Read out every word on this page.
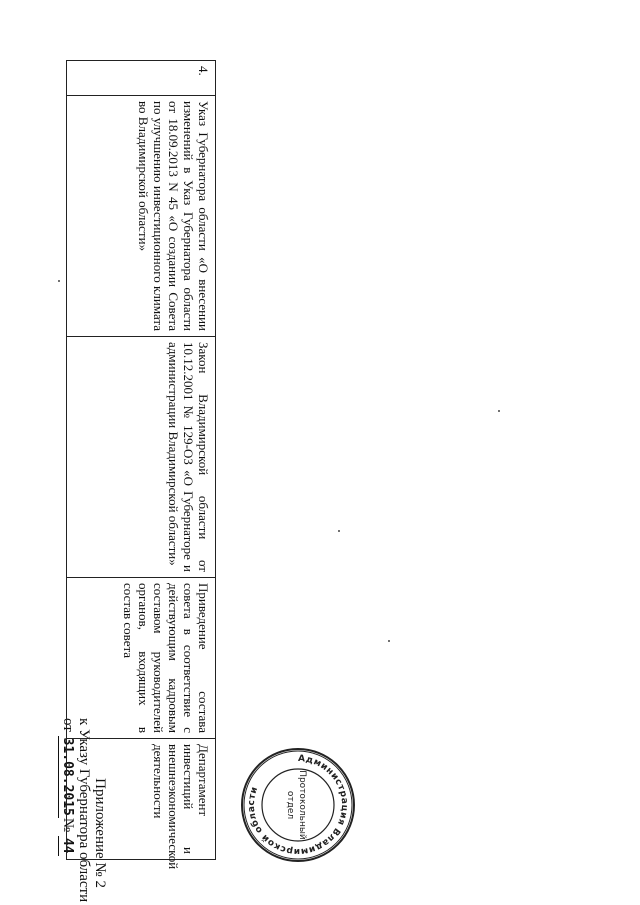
Приложение № 2
к Указу Губернатора области
от 31.08.2015№ 44
4.	Указ Губернатора области «О внесении изменений в Указ Губернатора области от 18.09.2013 N 45 «О создании Совета по улучшению инвестиционного климата во Владимирской области»	Закон Владимирской области от 10.12.2001 № 129-ОЗ «О Губернаторе и администрации Владимирской области»	Приведение состава совета в соответствие с действующим кадровым составом руководителей органов, входящих в состав совета	Департамент инвестиций и внешнеэкономической деятельности	Администрация Владимирской области	Протокольный
отдел
